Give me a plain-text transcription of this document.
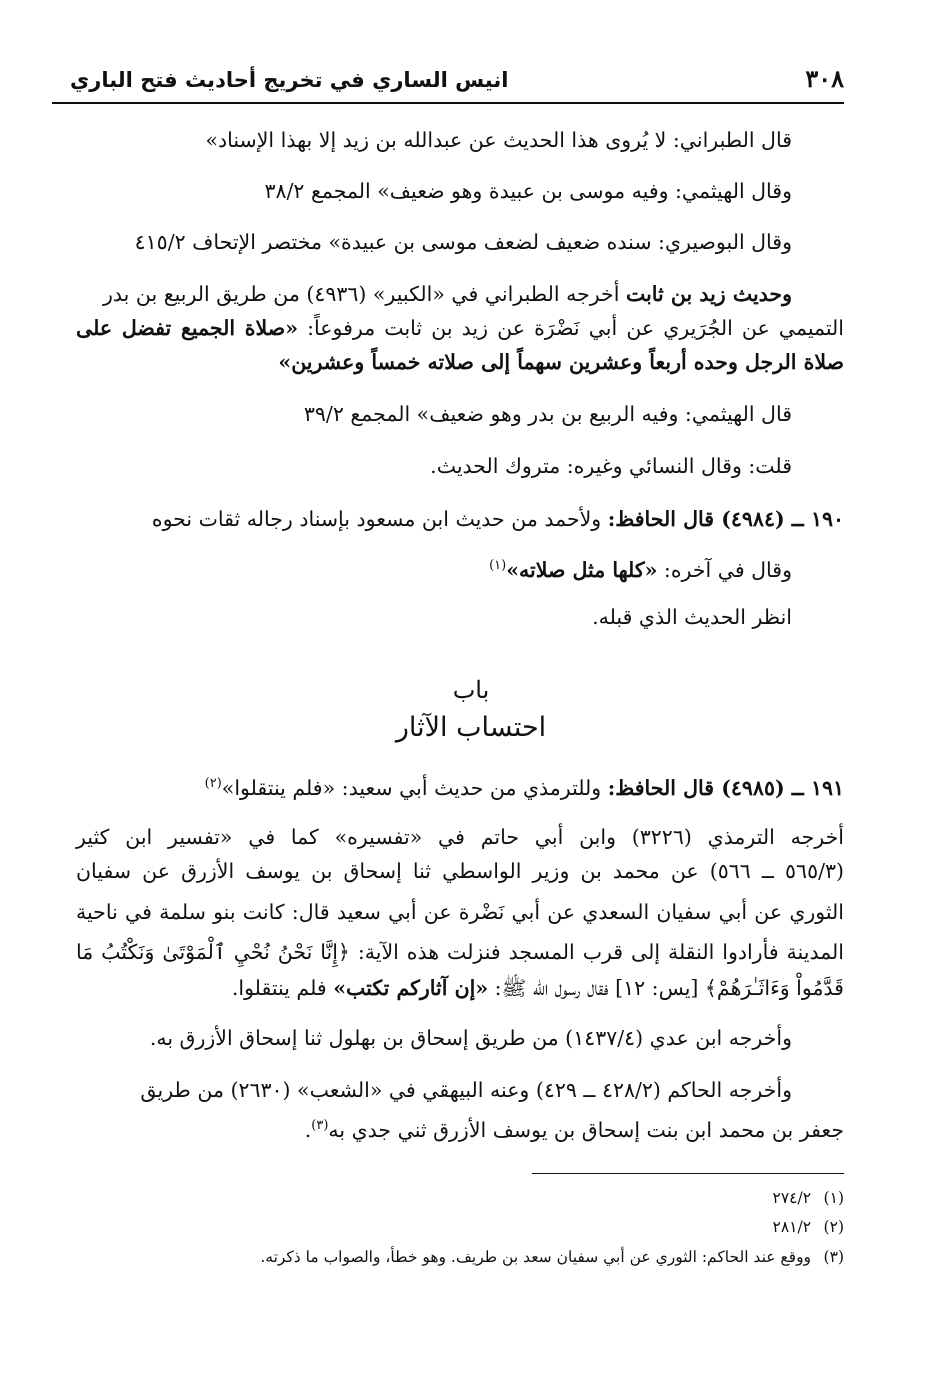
٣٠٨
انيس الساري في تخريج أحاديث فتح الباري
قال الطبراني: لا يُروى هذا الحديث عن عبدالله بن زيد إلا بهذا الإسناد»
وقال الهيثمي: وفيه موسى بن عبيدة وهو ضعيف» المجمع ٣٨/٢
وقال البوصيري: سنده ضعيف لضعف موسى بن عبيدة» مختصر الإتحاف ٤١٥/٢
وحديث زيد بن ثابت أخرجه الطبراني في «الكبير» (٤٩٣٦) من طريق الربيع بن بدر
التميمي عن الجُرَيري عن أبي نَضْرَة عن زيد بن ثابت مرفوعاً: «صلاة الجميع تفضل على
صلاة الرجل وحده أربعاً وعشرين سهماً إلى صلاته خمساً وعشرين»
قال الهيثمي: وفيه الربيع بن بدر وهو ضعيف» المجمع ٣٩/٢
قلت: وقال النسائي وغيره: متروك الحديث.
١٩٠ ــ (٤٩٨٤) قال الحافظ: ولأحمد من حديث ابن مسعود بإسناد رجاله ثقات نحوه
وقال في آخره: «كلها مثل صلاته»$^{(١)}$
انظر الحديث الذي قبله.
باب
احتساب الآثار
١٩١ ــ (٤٩٨٥) قال الحافظ: وللترمذي من حديث أبي سعيد: «فلم ينتقلوا»$^{(٢)}$
أخرجه الترمذي (٣٢٢٦) وابن أبي حاتم في «تفسيره» كما في «تفسير ابن كثير
(٥٦٥/٣ ــ ٥٦٦) عن محمد بن وزير الواسطي ثنا إسحاق بن يوسف الأزرق عن سفيان
الثوري عن أبي سفيان السعدي عن أبي نَضْرة عن أبي سعيد قال: كانت بنو سلمة في ناحية
المدينة فأرادوا النقلة إلى قرب المسجد فنزلت هذه الآية: ﴿إِنَّا نَحْنُ نُحْيِ ٱلْمَوْتَىٰ وَنَكْتُبُ مَا
قَدَّمُواْ وَءَاثَـٰرَهُمْ﴾ [يس: ١٢] فقال رسول الله ﷺ: «إن آثاركم تكتب» فلم ينتقلوا.
وأخرجه ابن عدي (١٤٣٧/٤) من طريق إسحاق بن بهلول ثنا إسحاق الأزرق به.
وأخرجه الحاكم (٤٢٨/٢ ــ ٤٢٩) وعنه البيهقي في «الشعب» (٢٦٣٠) من طريق
جعفر بن محمد ابن بنت إسحاق بن يوسف الأزرق ثني جدي به$^{(٣)}$.
(١) ٢٧٤/٢
(٢) ٢٨١/٢
(٣) ووقع عند الحاكم: الثوري عن أبي سفيان سعد بن طريف. وهو خطأ، والصواب ما ذكرته.
